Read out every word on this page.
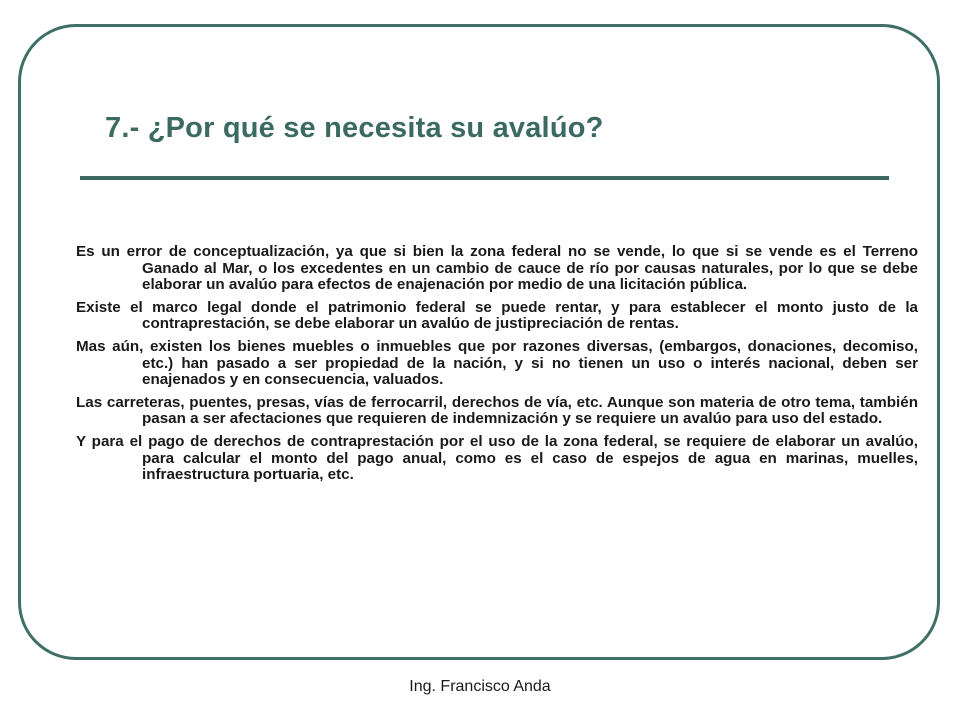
7.- ¿Por qué se necesita su avalúo?
Es un error de conceptualización, ya que si bien la zona federal no se vende, lo que si se vende es el Terreno Ganado al Mar, o los excedentes en un cambio de cauce de río por causas naturales, por lo que se debe elaborar un avalúo para efectos de enajenación por medio de una licitación pública.
Existe el marco legal donde el patrimonio federal se puede rentar, y para establecer el monto justo de la contraprestación, se debe elaborar un avalúo de justipreciación de rentas.
Mas aún, existen los bienes muebles o inmuebles que por razones diversas, (embargos, donaciones, decomiso, etc.) han pasado a ser propiedad de la nación, y si no tienen un uso o interés nacional, deben ser enajenados y en consecuencia, valuados.
Las carreteras, puentes, presas, vías de ferrocarril, derechos de vía, etc. Aunque son materia de otro tema, también pasan a ser afectaciones que requieren de indemnización y se requiere un avalúo para uso del estado.
Y para el pago de derechos de contraprestación por el uso de la zona federal, se requiere de elaborar un avalúo, para calcular el monto del pago anual, como es el caso de espejos de agua en marinas, muelles, infraestructura portuaria, etc.
Ing. Francisco Anda
